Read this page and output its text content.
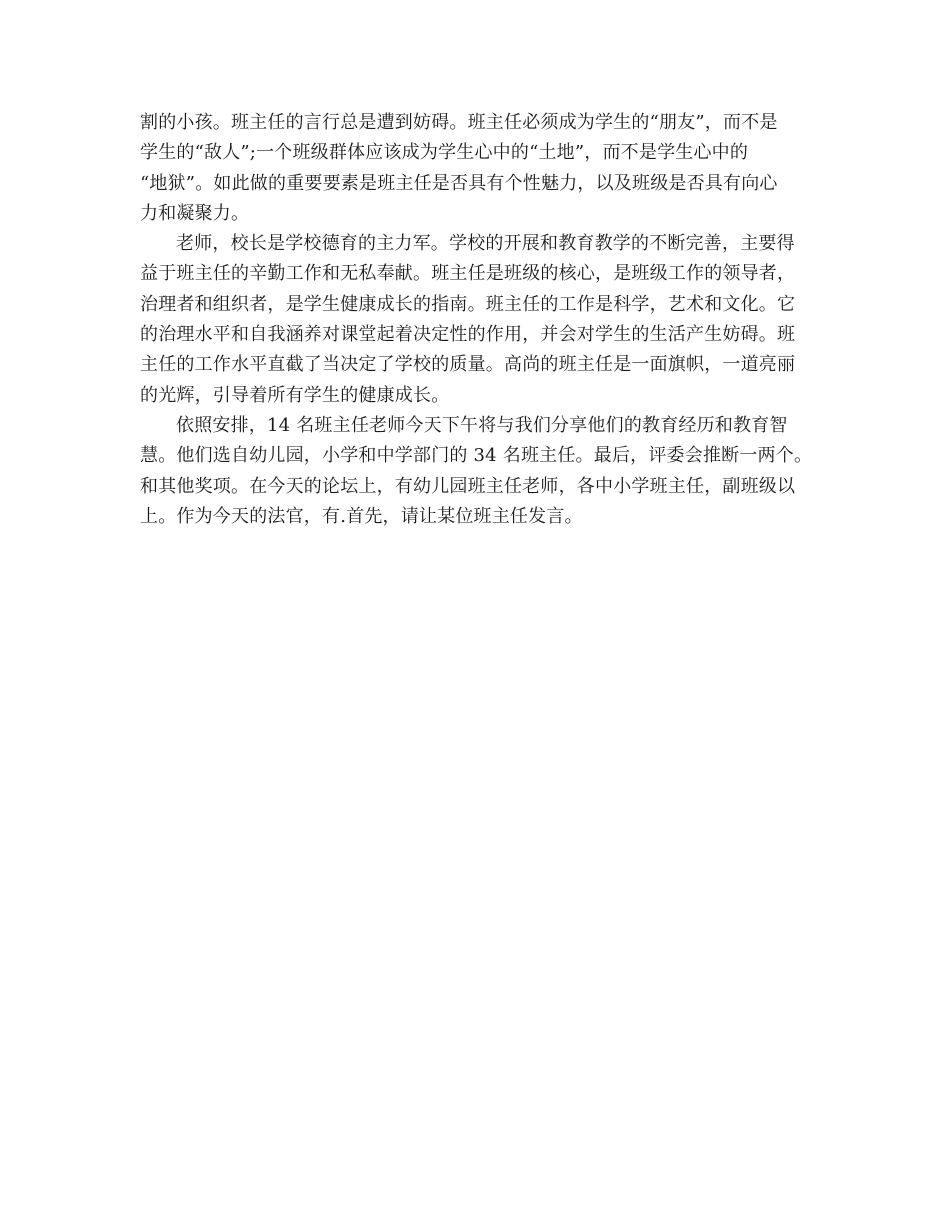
割的小孩。班主任的言行总是遭到妨碍。班主任必须成为学生的“朋友”，而不是
学生的“敌人”;一个班级群体应该成为学生心中的“土地”，而不是学生心中的
“地狱”。如此做的重要要素是班主任是否具有个性魅力，以及班级是否具有向心
力和凝聚力。
老师，校长是学校德育的主力军。学校的开展和教育教学的不断完善，主要得
益于班主任的辛勤工作和无私奉献。班主任是班级的核心，是班级工作的领导者，
治理者和组织者，是学生健康成长的指南。班主任的工作是科学，艺术和文化。它
的治理水平和自我涵养对课堂起着决定性的作用，并会对学生的生活产生妨碍。班
主任的工作水平直截了当决定了学校的质量。高尚的班主任是一面旗帜，一道亮丽
的光辉，引导着所有学生的健康成长。
依照安排，14 名班主任老师今天下午将与我们分享他们的教育经历和教育智
慧。他们选自幼儿园，小学和中学部门的 34 名班主任。最后，评委会推断一两个。
和其他奖项。在今天的论坛上，有幼儿园班主任老师，各中小学班主任，副班级以
上。作为今天的法官，有.首先，请让某位班主任发言。
